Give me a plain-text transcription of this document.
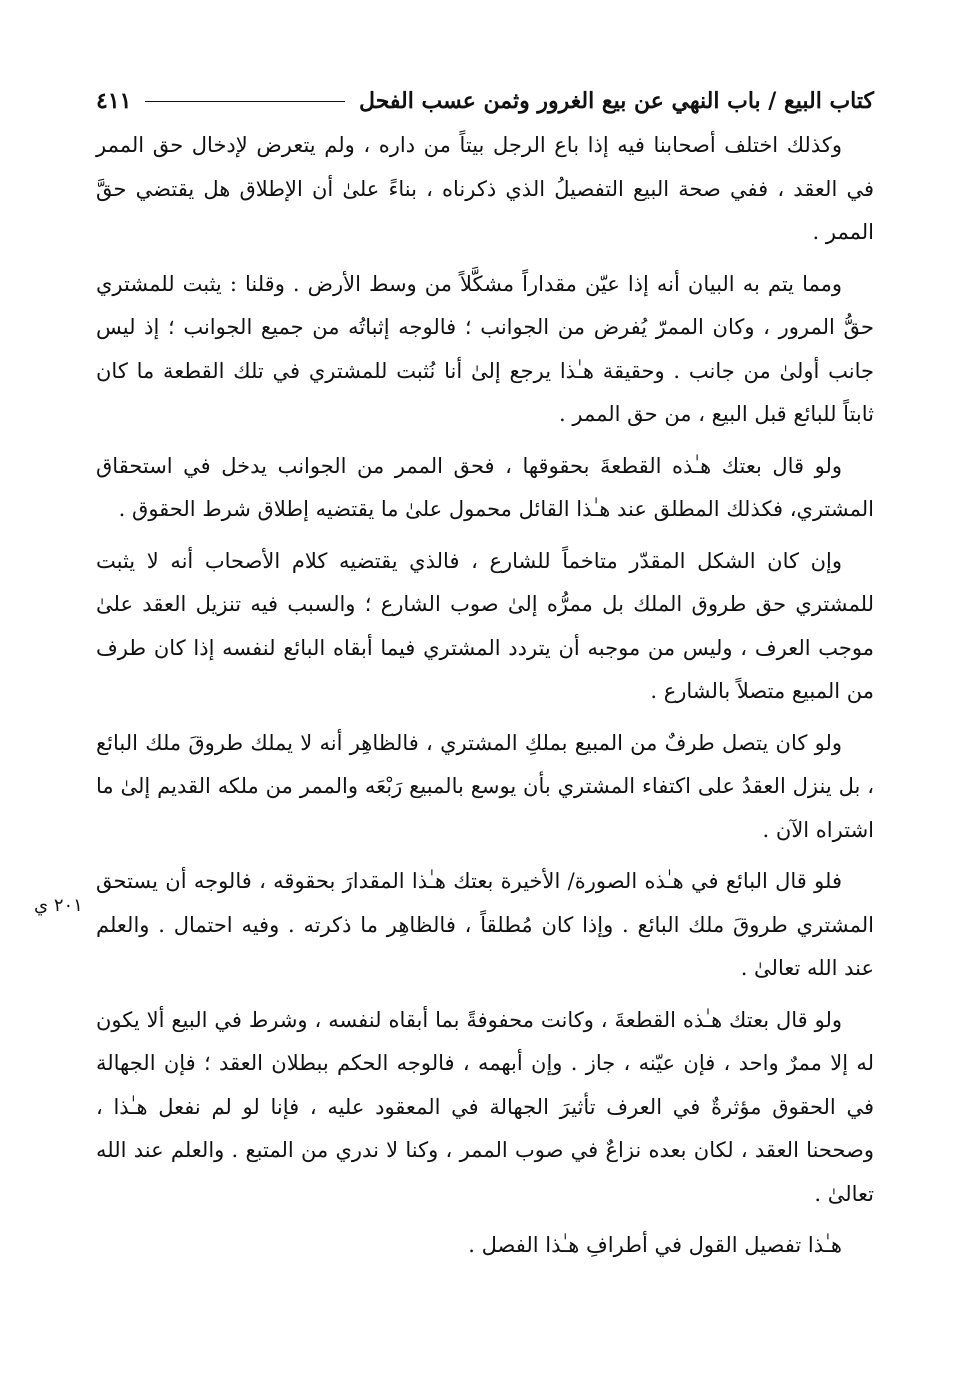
كتاب البيع / باب النهي عن بيع الغرور وثمن عسب الفحل
٤١١

وكذلك اختلف أصحابنا فيه إذا باع الرجل بيتاً من داره ، ولم يتعرض لإدخال حق الممر في العقد ، ففي صحة البيع التفصيلُ الذي ذكرناه ، بناءً علىٰ أن الإطلاق هل يقتضي حقَّ الممر .

ومما يتم به البيان أنه إذا عيّن مقداراً مشكَّلاً من وسط الأرض . وقلنا : يثبت للمشتري حقُّ المرور ، وكان الممرّ يُفرض من الجوانب ؛ فالوجه إثباتُه من جميع الجوانب ؛ إذ ليس جانب أولىٰ من جانب . وحقيقة هـٰذا يرجع إلىٰ أنا نُثبت للمشتري في تلك القطعة ما كان ثابتاً للبائع قبل البيع ، من حق الممر .

ولو قال بعتك هـٰذه القطعةَ بحقوقها ، فحق الممر من الجوانب يدخل في استحقاق المشتري، فكذلك المطلق عند هـٰذا القائل محمول علىٰ ما يقتضيه إطلاق شرط الحقوق .

وإن كان الشكل المقدّر متاخماً للشارع ، فالذي يقتضيه كلام الأصحاب أنه لا يثبت للمشتري حق طروق الملك بل ممرُّه إلىٰ صوب الشارع ؛ والسبب فيه تنزيل العقد علىٰ موجب العرف ، وليس من موجبه أن يتردد المشتري فيما أبقاه البائع لنفسه إذا كان طرف من المبيع متصلاً بالشارع .

ولو كان يتصل طرفٌ من المبيع بملكِ المشتري ، فالظاهِر أنه لا يملك طروقَ ملك البائع ، بل ينزل العقدُ على اكتفاء المشتري بأن يوسع بالمبيع رَبْعَه والممر من ملكه القديم إلىٰ ما اشتراه الآن .

فلو قال البائع في هـٰذه الصورة/ الأخيرة بعتك هـٰذا المقدارَ بحقوقه ، فالوجه أن يستحق المشتري طروقَ ملك البائع . وإذا كان مُطلقاً ، فالظاهِر ما ذكرته . وفيه احتمال . والعلم عند الله تعالىٰ .

ولو قال بعتك هـٰذه القطعةَ ، وكانت محفوفةً بما أبقاه لنفسه ، وشرط في البيع ألا يكون له إلا ممرٌ واحد ، فإن عيّنه ، جاز . وإن أبهمه ، فالوجه الحكم ببطلان العقد ؛ فإن الجهالة في الحقوق مؤثرةٌ في العرف تأثيرَ الجهالة في المعقود عليه ، فإنا لو لم نفعل هـٰذا ، وصححنا العقد ، لكان بعده نزاعٌ في صوب الممر ، وكنا لا ندري من المتبع . والعلم عند الله تعالىٰ .

هـٰذا تفصيل القول في أطرافِ هـٰذا الفصل .

٢٠١ ي
